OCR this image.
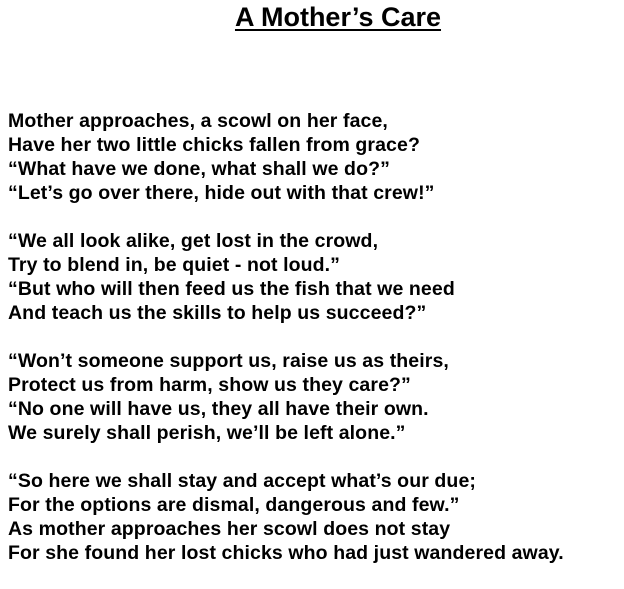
A Mother’s Care
Mother approaches, a scowl on her face,
Have her two little chicks fallen from grace?
“What have we done, what shall we do?”
“Let’s go over there, hide out with that crew!”
“We all look alike, get lost in the crowd,
Try to blend in, be quiet - not loud.”
“But who will then feed us the fish that we need
And teach us the skills to help us succeed?”
“Won’t someone support us, raise us as theirs,
Protect us from harm, show us they care?”
“No one will have us, they all have their own.
We surely shall perish, we’ll be left alone.”
“So here we shall stay and accept what’s our due;
For the options are dismal, dangerous and few.”
As mother approaches her scowl does not stay
For she found her lost chicks who had just wandered away.
